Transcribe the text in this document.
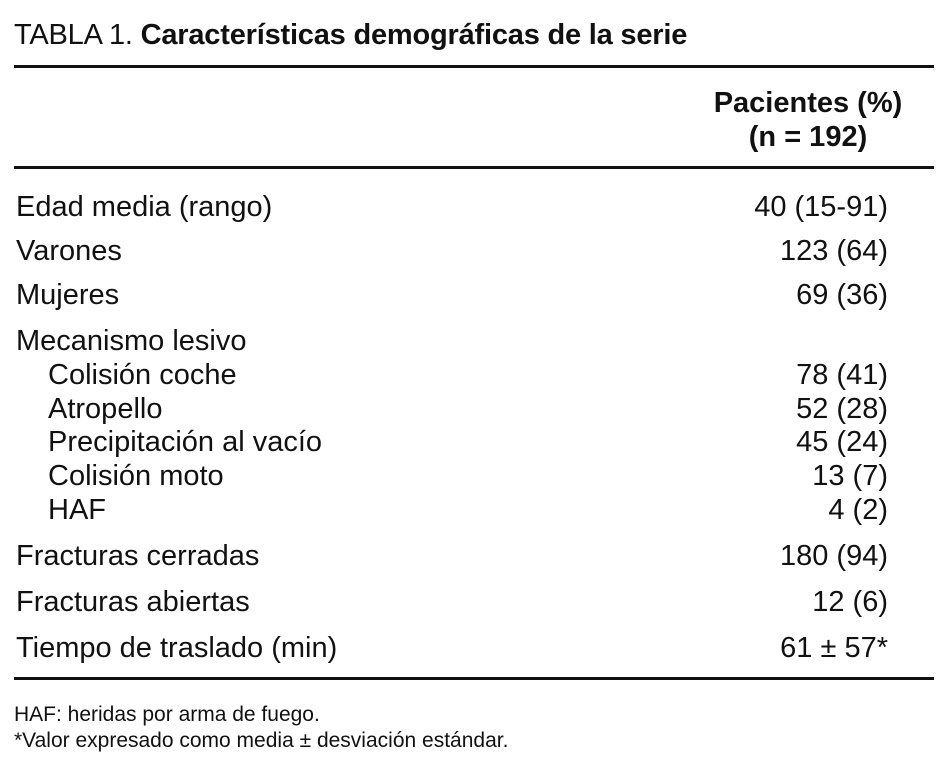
TABLA 1. Características demográficas de la serie
Pacientes (%)
(n = 192)
Edad media (rango)	40 (15-91)
Varones	123 (64)
Mujeres	69 (36)
Mecanismo lesivo
Colisión coche	78 (41)
Atropello	52 (28)
Precipitación al vacío	45 (24)
Colisión moto	13 (7)
HAF	4 (2)
Fracturas cerradas	180 (94)
Fracturas abiertas	12 (6)
Tiempo de traslado (min)	61 ± 57*
HAF: heridas por arma de fuego.
*Valor expresado como media ± desviación estándar.
